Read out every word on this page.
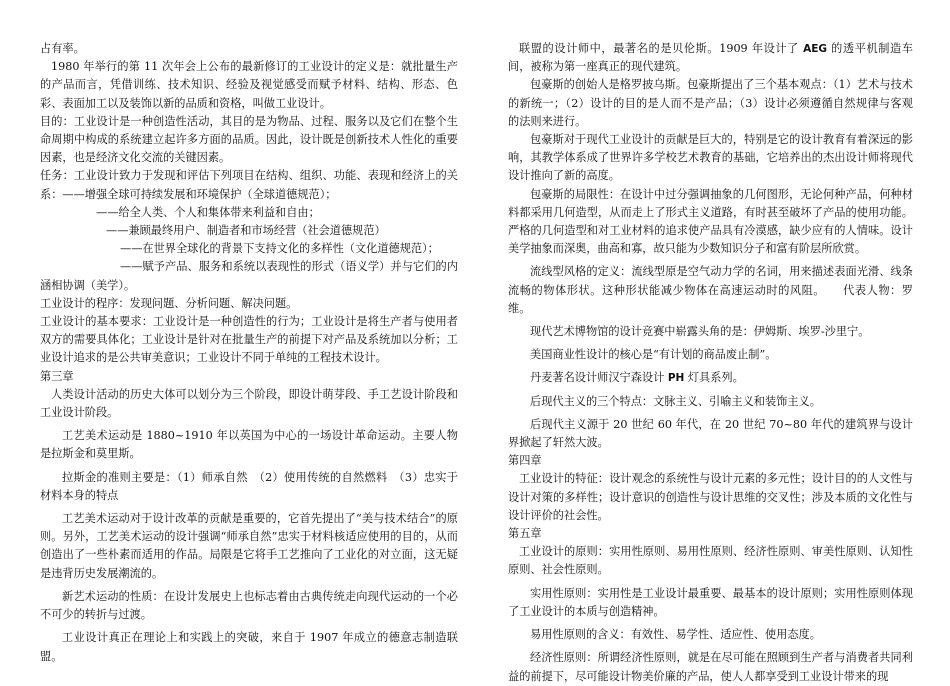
占有率。

1980 年举行的第 11 次年会上公布的最新修订的工业设计的定义是：就批量生产的产品而言，凭借训练、技术知识、经验及视觉感受而赋予材料、结构、形态、色彩、表面加工以及装饰以新的品质和资格，叫做工业设计。

目的：工业设计是一种创造性活动，其目的是为物品、过程、服务以及它们在整个生命周期中构成的系统建立起许多方面的品质。因此，设计既是创新技术人性化的重要因素，也是经济文化交流的关键因素。

任务：工业设计致力于发现和评估下列项目在结构、组织、功能、表现和经济上的关系：——增强全球可持续发展和环境保护（全球道德规范）；

——给全人类、个人和集体带来利益和自由；

——兼顾最终用户、制造者和市场经营（社会道德规范）

——在世界全球化的背景下支持文化的多样性（文化道德规范）；

——赋予产品、服务和系统以表现性的形式（语义学）并与它们的内涵相协调（美学）。

工业设计的程序：发现问题、分析问题、解决问题。

工业设计的基本要求：工业设计是一种创造性的行为；工业设计是将生产者与使用者双方的需要具体化；工业设计是针对在批量生产的前提下对产品及系统加以分析；工业设计追求的是公共审美意识；工业设计不同于单纯的工程技术设计。

第三章

人类设计活动的历史大体可以划分为三个阶段，即设计萌芽段、手工艺设计阶段和工业设计阶段。

工艺美术运动是 1880~1910 年以英国为中心的一场设计革命运动。主要人物是拉斯金和莫里斯。

拉斯金的准则主要是：（1）师承自然　（2）使用传统的自然燃料　（3）忠实于材料本身的特点

工艺美术运动对于设计改革的贡献是重要的，它首先提出了“美与技术结合”的原则。另外，工艺美术运动的设计强调“师承自然”忠实于材料核适应使用的目的，从而创造出了一些朴素而适用的作品。局限是它将手工艺推向了工业化的对立面，这无疑是违背历史发展潮流的。

新艺术运动的性质：在设计发展史上也标志着由古典传统走向现代运动的一个必不可少的转折与过渡。

工业设计真正在理论上和实践上的突破，来自于 1907 年成立的德意志制造联盟。

联盟的设计师中，最著名的是贝伦斯。1909 年设计了 AEG 的透平机制造车间，被称为第一座真正的现代建筑。

包豪斯的创始人是格罗披乌斯。包豪斯提出了三个基本观点：（1）艺术与技术的新统一；（2）设计的目的是人而不是产品；（3）设计必须遵循自然规律与客观的法则来进行。

包豪斯对于现代工业设计的贡献是巨大的，特别是它的设计教育有着深远的影响，其教学体系成了世界许多学校艺术教育的基础，它培养出的杰出设计师将现代设计推向了新的高度。

包豪斯的局限性：在设计中过分强调抽象的几何图形，无论何种产品，何种材料都采用几何造型，从而走上了形式主义道路，有时甚至破坏了产品的使用功能。严格的几何造型和对工业材料的追求使产品具有冷漠感，缺少应有的人情味。设计美学抽象而深奥，曲高和寡，故只能为少数知识分子和富有阶层所欣赏。

流线型风格的定义：流线型原是空气动力学的名词，用来描述表面光滑、线条流畅的物体形状。这种形状能减少物体在高速运动时的风阻。　　代表人物：罗维。

现代艺术博物馆的设计竞赛中崭露头角的是：伊姆斯、埃罗-沙里宁。

美国商业性设计的核心是“有计划的商品废止制”。

丹麦著名设计师汉宁森设计 PH 灯具系列。

后现代主义的三个特点：文脉主义、引喻主义和装饰主义。

后现代主义源于 20 世纪 60 年代，在 20 世纪 70~80 年代的建筑界与设计界掀起了轩然大波。

第四章

工业设计的特征：设计观念的系统性与设计元素的多元性；设计目的的人文性与设计对策的多样性；设计意识的创造性与设计思维的交叉性；涉及本质的文化性与设计评价的社会性。

第五章

工业设计的原则：实用性原则、易用性原则、经济性原则、审美性原则、认知性原则、社会性原则。

实用性原则：实用性是工业设计最重要、最基本的设计原则；实用性原则体现了工业设计的本质与创造精神。

易用性原则的含义：有效性、易学性、适应性、使用态度。

经济性原则：所谓经济性原则，就是在尽可能在照顾到生产者与消费者共同利益的前提下，尽可能设计物美价廉的产品，使人人都享受到工业设计带来的现
